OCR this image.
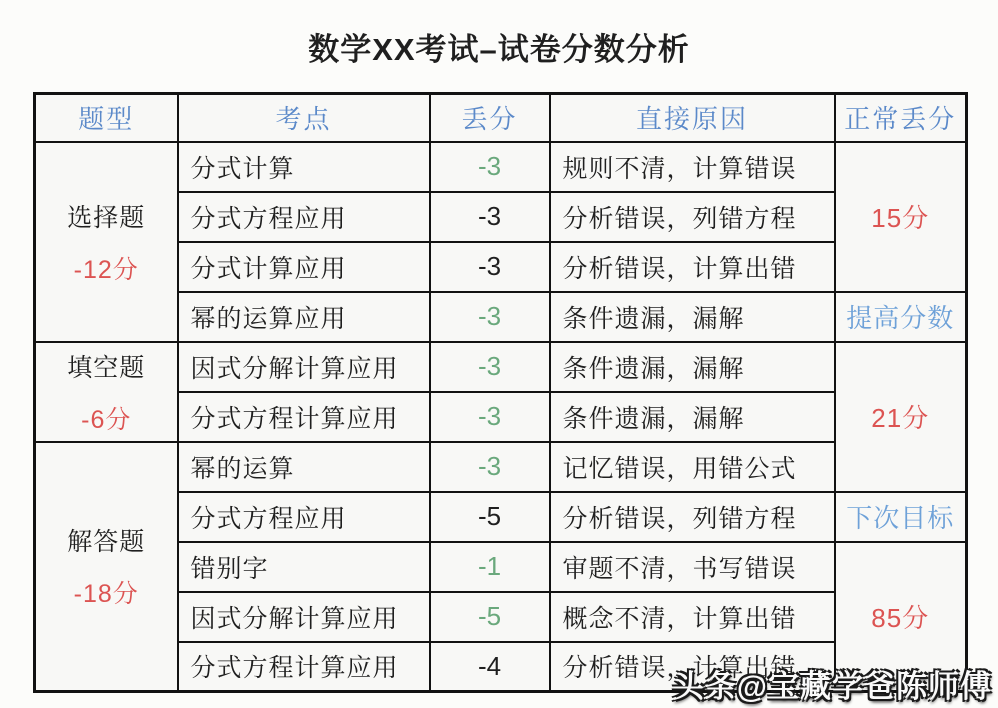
数学XX考试–试卷分数分析
题型	考点	丢分	直接原因	正常丢分

选择题
-12分	分式计算	-3	规则不清，计算错误	15分
	分式方程应用	-3	分析错误，列错方程	
	分式计算应用	-3	分析错误，计算出错	
	幂的运算应用	-3	条件遗漏，漏解	提高分数

填空题
-6分	因式分解计算应用	-3	条件遗漏，漏解	21分
	分式方程计算应用	-3	条件遗漏，漏解	

解答题
-18分	幂的运算	-3	记忆错误，用错公式	
	分式方程应用	-5	分析错误，列错方程	下次目标
	错别字	-1	审题不清，书写错误	85分
	因式分解计算应用	-5	概念不清，计算出错	
	分式方程计算应用	-4	分析错误，计算出错	
头条@宝藏学爸陈师傅
